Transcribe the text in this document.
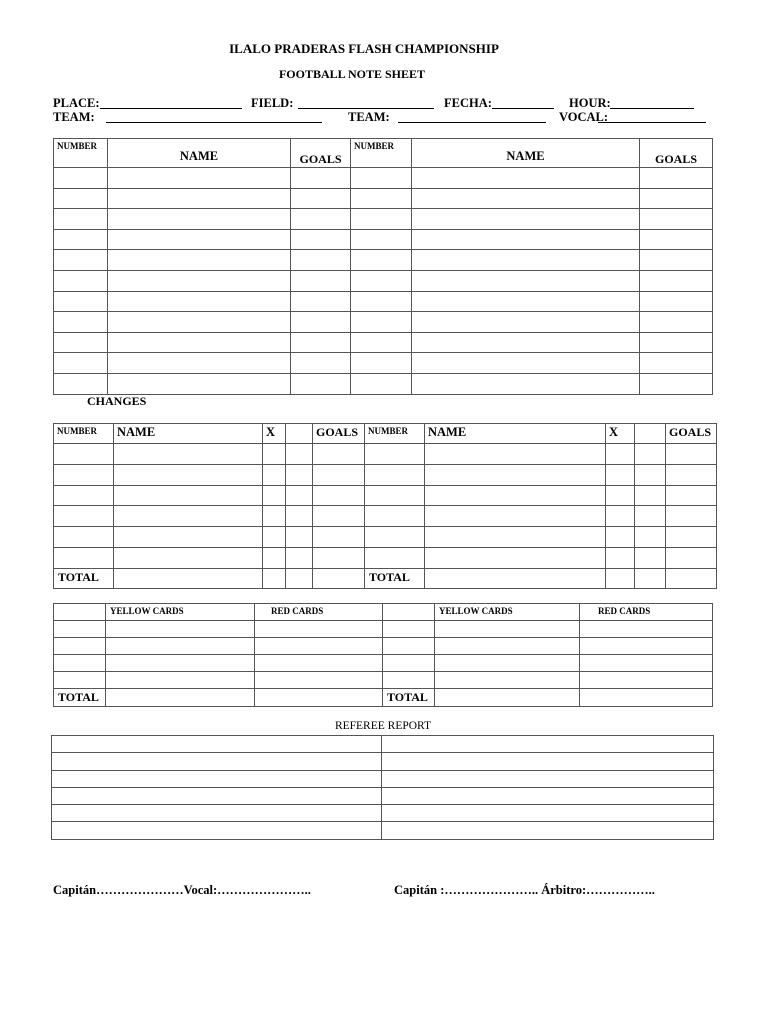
ILALO PRADERAS FLASH CHAMPIONSHIP
FOOTBALL NOTE SHEET
PLACE:	FIELD:	FECHA:	HOUR:
TEAM:	TEAM:	VOCAL:
NUMBER	NAME	GOALS	NUMBER	NAME	GOALS

CHANGES
NUMBER	NAME	X		GOALS	NUMBER	NAME	X		GOALS

TOTAL					TOTAL				
	YELLOW CARDS	RED CARDS		YELLOW CARDS	RED CARDS

TOTAL			TOTAL		
REFEREE REPORT

Capitán…………………Vocal:…………………..	Capitán :………………….. Árbitro:……………..
